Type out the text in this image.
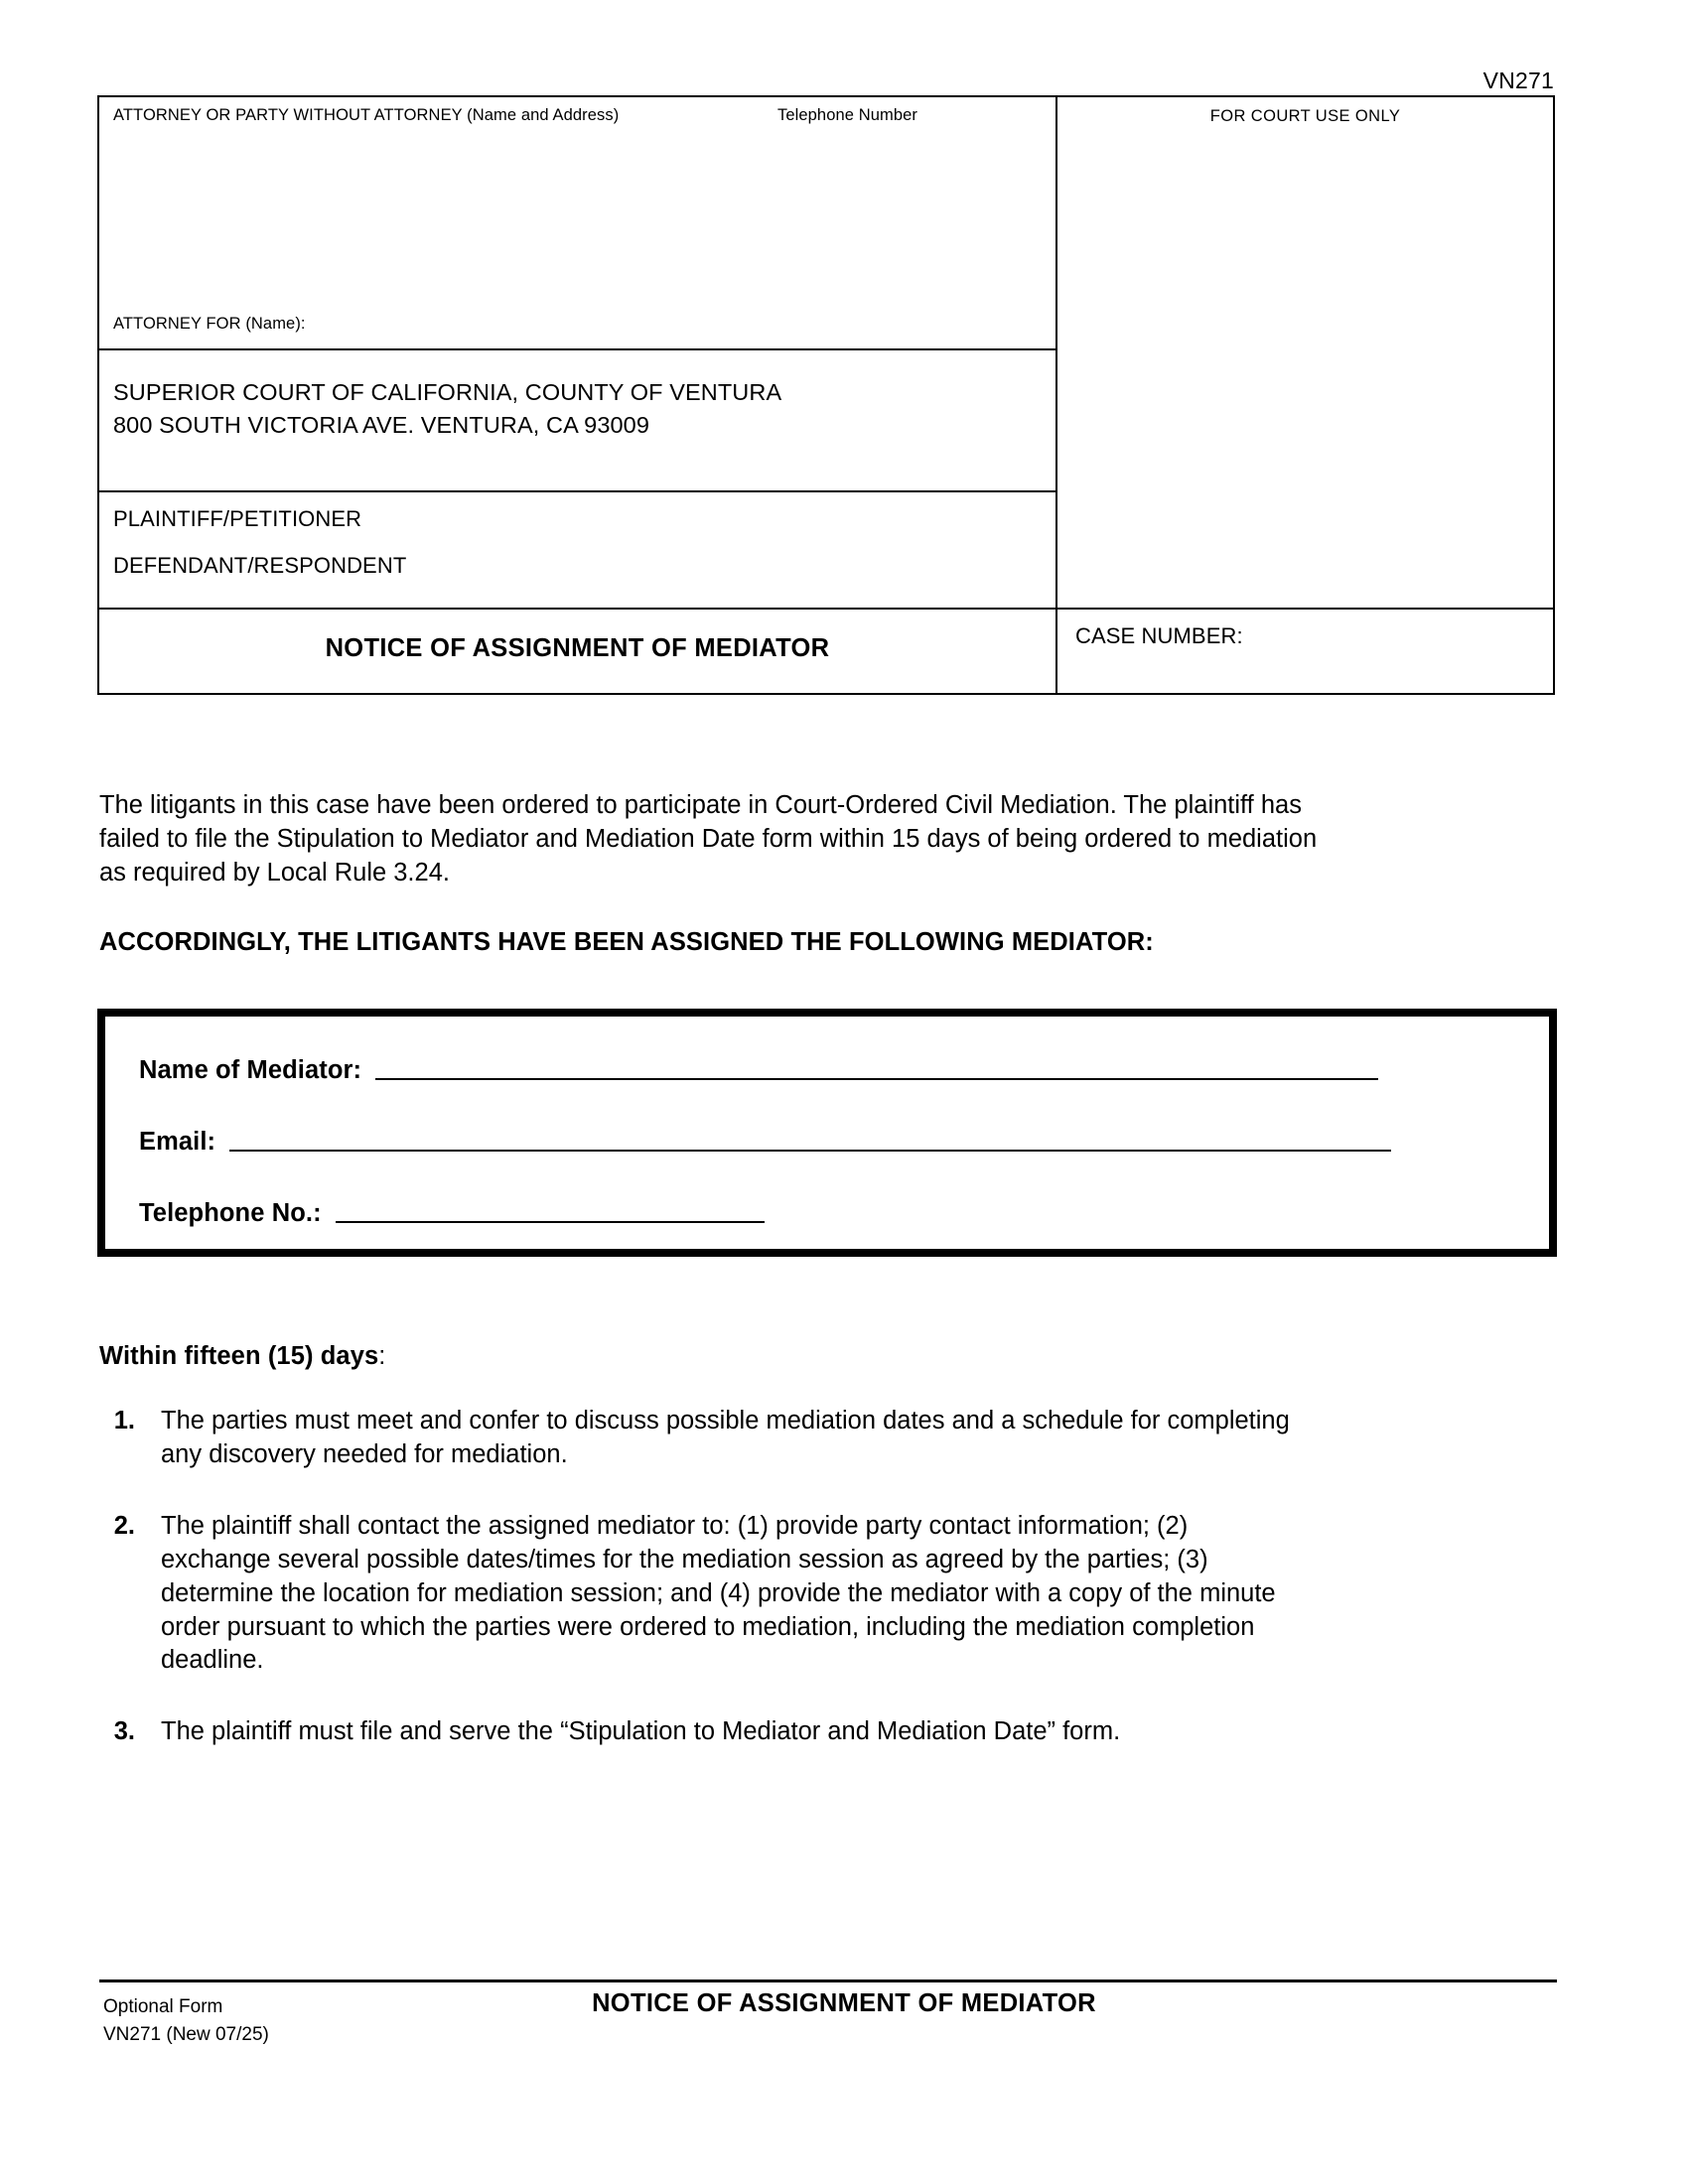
VN271
ATTORNEY OR PARTY WITHOUT ATTORNEY (Name and Address)	Telephone Number
ATTORNEY FOR (Name):
SUPERIOR COURT OF CALIFORNIA, COUNTY OF VENTURA
800 SOUTH VICTORIA AVE. VENTURA, CA 93009
PLAINTIFF/PETITIONER
DEFENDANT/RESPONDENT
NOTICE OF ASSIGNMENT OF MEDIATOR
FOR COURT USE ONLY
CASE NUMBER:
The litigants in this case have been ordered to participate in Court-Ordered Civil Mediation. The plaintiff has
failed to file the Stipulation to Mediator and Mediation Date form within 15 days of being ordered to mediation
as required by Local Rule 3.24.
ACCORDINGLY, THE LITIGANTS HAVE BEEN ASSIGNED THE FOLLOWING MEDIATOR:
Name of Mediator:
Email:
Telephone No.:
Within fifteen (15) days:
1.	The parties must meet and confer to discuss possible mediation dates and a schedule for completing
any discovery needed for mediation.
2.	The plaintiff shall contact the assigned mediator to: (1) provide party contact information; (2)
exchange several possible dates/times for the mediation session as agreed by the parties; (3)
determine the location for mediation session; and (4) provide the mediator with a copy of the minute
order pursuant to which the parties were ordered to mediation, including the mediation completion
deadline.
3.	The plaintiff must file and serve the “Stipulation to Mediator and Mediation Date” form.
Optional Form
VN271 (New 07/25)
NOTICE OF ASSIGNMENT OF MEDIATOR
